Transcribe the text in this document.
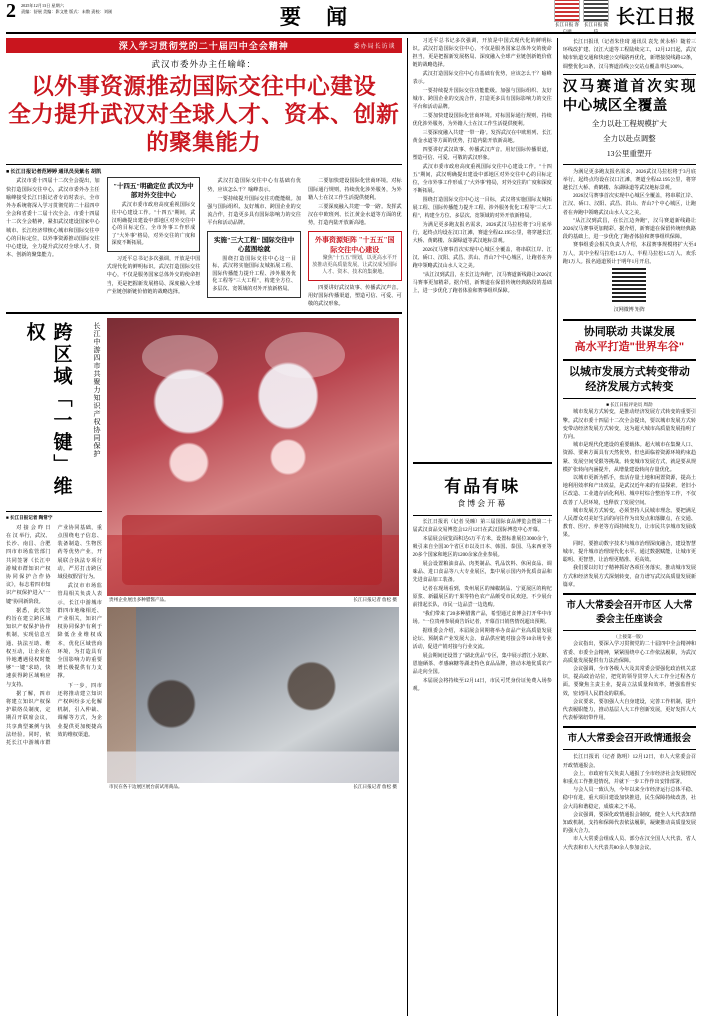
2 2025年12月13日 星期六
责编：舒展 美编：影文胜 版式：未散 责校：刘刚	要 闻	长江日报 客户端
长江日报 微信
长江日报
深入学习贯彻党的二十届四中全会精神	委办局长访谈
武汉市委外办主任喻峰：
以外事资源推动国际交往中心建设
全力提升武汉对全球人才、资本、创新的聚集能力
■ 长江日报记者范婷婷 通讯员吴紫名 胡凯

武汉市委十四届十二次全会提出，加快打造国际交往中心，武汉市委外办主任喻峰接受长江日报记者专访时表示，全市外办系统将深入学习贯彻党的二十届四中全会和省委十二届十次全会、市委十四届十二次全会精神，紧扣武汉建设国家中心城市、长江经济带核心城市和国际交往中心的目标定位，以外事资源推动国际交往中心建设，全力提升武汉对全球人才、资本、创新的聚集能力。

"十四五"明确定位 武汉为中部对外交往中心

武汉市委市政府高度重视国际交往中心建设工作。"十四五"期间，武汉明确提出建设中部地区对外交往中心的目标定位，全市外事工作形成了"大外事"格局，对外交往的广度和深度不断拓展。

习近平总书记多次强调，开放是中国式现代化的鲜明标识。武汉打造国际交往中心，不仅是服务国家总体外交的使命担当，更是把握新发展格局、深度融入全球产业链创新链价值链的战略选择。

武汉打造国际交往中心有基础有优势，应该怎么干？喻峰表示。

一要持续提升国际交往功能能级。加强与国际组织、友好城市、跨国企业的交流合作，打造更多具有国际影响力的交往平台和活动品牌。

实施"三大工程" 国际交往中心蓝图绘就

围绕打造国际交往中心这一目标，武汉将实施国际友城拓展工程、国际传播能力提升工程、涉外服务优化工程等"三大工程"，构建全方位、多层次、宽领域的对外开放新格局。

二要加快建设国际化营商环境。对标国际通行规则，持续优化涉外服务，为外籍人士在汉工作生活提供便利。

三要深度融入共建'一带一路'。发挥武汉在中欧班列、长江黄金水道等方面的优势，打造内陆开放新高地。

外事资源矩阵 "十五五"国际交往中心建设

聚焦"十五五"规划，以更高水平开放推动更高质量发展，让武汉成为国际人才、资本、技术的集聚地。

四要讲好武汉故事、传播武汉声音。用好国际传播渠道，塑造可信、可爱、可敬的武汉形象。

跨区域「一键」维权	长江中游四市共聚力知识产权协同保护
■ 长江日报记者 陶常宁

对 接 会 昨 日 在 汉 举行，武汉、长沙、南昌、合肥四市市场监管部门共同签署《长江中游城市群知识产权协同保护合作协议》，标志着四市知识产权保护进入"一键"协同新阶段。

据悉，此次签约旨在建立跨区域知识产权保护协作机制，实现信息互通、执法互助、维权互动，让企业在异地遭遇侵权时能够"一键"求助，快速获得跨区域响应与支持。

据了解，四市将建立知识产权保护联络员制度，定期召开联席会议，共享典型案例与执法经验。同时，依托长江中游城市群产业协同基础，重点围绕电子信息、装备制造、生物医药等优势产业，开展联合执法专项行动，严厉打击跨区域侵权假冒行为。

武汉市市场监管局相关负责人表示，长江中游城市群四市地缘相近、产业相关，知识产权协同保护有利于降低企业维权成本，优化区域营商环境，为打造具有全国影响力的重要增长极提供有力支撑。

下一步，四市还将推动建立知识产权纠纷多元化解机制，引入仲裁、调解等方式，为企业提供更加便捷高效的维权渠道。

贵州企业展出多种腊酱产品。	长江日报记者 詹松 摄
市民在各干边展区展台前试用商品。	长江日报记者 詹松 摄

习近平总书记多次强调，开放是中国式现代化的鲜明标识。武汉打造国际交往中心，不仅是服务国家总体外交的使命担当，更是把握新发展格局、深度融入全球产业链创新链价值链的战略选择。

武汉打造国际交往中心有基础有优势，应该怎么干？喻峰表示。

一要持续提升国际交往功能能级。加强与国际组织、友好城市、跨国企业的交流合作，打造更多具有国际影响力的交往平台和活动品牌。

二要加快建设国际化营商环境。对标国际通行规则，持续优化涉外服务，为外籍人士在汉工作生活提供便利。

三要深度融入共建'一带一路'。发挥武汉在中欧班列、长江黄金水道等方面的优势，打造内陆开放新高地。

四要讲好武汉故事、传播武汉声音。用好国际传播渠道，塑造可信、可爱、可敬的武汉形象。

武汉市委市政府高度重视国际交往中心建设工作。"十四五"期间，武汉明确提出建设中部地区对外交往中心的目标定位，全市外事工作形成了"大外事"格局，对外交往的广度和深度不断拓展。

围绕打造国际交往中心这一目标，武汉将实施国际友城拓展工程、国际传播能力提升工程、涉外服务优化工程等"三大工程"，构建全方位、多层次、宽领域的对外开放新格局。

为满足更多跑友报名需求，2026武汉马拉松将于3月底举行，起终点均设在汉口江滩，赛道全程42.195公里，将穿越长江大桥、黄鹤楼、东湖绿道等武汉地标景观。

2026汉马赛事首次实现中心城区全覆盖，将串联江岸、江汉、硚口、汉阳、武昌、洪山、青山7个中心城区，让跑者在奔跑中领略武汉山水人文之美。

"从江汉到武昌，在长江边奔跑"，汉马赛道新线路让2026汉马赛事更加精彩。据介绍，新赛道在保留传统经典路段的基础上，进一步优化了跑者体验和赛事组织保障。

有品有味
食博会开幕

长江日报讯（记者 吴曈）第三届国际食品博览会暨第二十届武汉食品交易博览会12月12日在武汉国际博览中心开幕。

本届展会展览面积达6万平方米，设置标准展位3000余个，吸引来自全国30个省区市以及日本、韩国、泰国、马来西亚等20多个国家和地区的1200余家企业参展。

展会设置粮油食品、肉类制品、乳品饮料、休闲食品、调味品、进口食品等八大专业展区，集中展示国内外优质食品和先进食品加工装备。

记者在现场看到，贵州展区的辣椒制品、宁夏展区的枸杞原浆、新疆展区的干果等特色农产品颇受市民欢迎。不少展台前排起长队，市民一边品尝一边选购。

"我们带来了20多种腊酱产品，希望通过食博会打开华中市场。"一位贵州参展商告诉记者，开幕首日销售情况超出预期。

据组委会介绍，本届展会同期将举办食品产业高质量发展论坛、预制菜产业发展大会、食品供应链对接会等10余场专业活动，促进产销对接与行业交流。

展会期间还设置了"湖北优品"专区，集中展示潜江小龙虾、恩施硒茶、孝感麻糖等湖北特色食品品牌，推动本地优质农产品走向全国。

本届展会将持续至12月14日，市民可凭身份证免费入场参观。

长江日报讯（记者朱佳琦 通讯员 袁先 黄永桥）随着三环线改扩建、汉江大道等工程陆续完工，12月12日起，武汉城市轨道交通和快速公交线路再优化，新增接驳线路12条，调整优化31条，汉马赛道沿线公交站点覆盖率达100%。

汉马赛道首次实现中心城区全覆盖
全力以赴工程规模扩大
全力以赴点调整
13公里重塑开

为满足更多跑友报名需求，2026武汉马拉松将于3月底举行，起终点均设在汉口江滩，赛道全程42.195公里，将穿越长江大桥、黄鹤楼、东湖绿道等武汉地标景观。

2026汉马赛事首次实现中心城区全覆盖，将串联江岸、江汉、硚口、汉阳、武昌、洪山、青山7个中心城区，让跑者在奔跑中领略武汉山水人文之美。

"从江汉到武昌，在长江边奔跑"，汉马赛道新线路让2026汉马赛事更加精彩。据介绍，新赛道在保留传统经典路段的基础上，进一步优化了跑者体验和赛事组织保障。

赛事组委会相关负责人介绍，本届赛事规模将扩大至4万人，其中全程马拉松1.5万人、半程马拉松1.5万人、欢乐跑1万人。报名通道预计于明年1月开启。

汉网微博 矩阵
协同联动 共谋发展
高水平打造"世界车谷"
以城市发展方式转变带动 经济发展方式转变
■ 长江日报评论员 周劼

城市发展方式转变，是推动经济发展方式转变的重要引擎。武汉市委十四届十二次全会提出，要以城市发展方式转变带动经济发展方式转变，这为超大城市高质量发展指明了方向。

城市是现代化建设的重要载体。超大城市在集聚人口、资源、要素方面具有天然优势，但也面临着资源环境约束趋紧、发展空间受限等挑战。转变城市发展方式，就是要从规模扩张转向内涵提升，从增量建设转向存量优化。

以城市更新为抓手，盘活存量土地和闲置资源，提高土地利用效率和产出效益，是武汉近年来的有益探索。老旧小区改造、工业遗存活化利用、城中村综合整治等工作，不仅改善了人居环境，也释放了发展空间。

城市发展方式转变，必须坚持人民城市理念。要把满足人民群众对美好生活的向往作为出发点和落脚点，在交通、教育、医疗、养老等方面持续发力，让市民共享城市发展成果。

同时，要推动数字技术与城市治理深度融合，建设智慧城市，提升城市治理现代化水平。通过数据赋能，让城市更聪明、更智慧，让治理更精准、更高效。

我们要以钉钉子精神抓好各项任务落实，推动城市发展方式和经济发展方式深刻转变，奋力谱写武汉高质量发展新篇章。

市人大常委会召开市区 人大常委会主任座谈会
（上接第一版）

会议指出，要深入学习贯彻党的二十届四中全会精神和省委、市委全会精神，紧紧围绕中心工作依法履职，为武汉高质量发展提供有力法治保障。

会议强调，全市各级人大及其常委会要强化政治机关意识，提高政治站位，把党的领导贯穿人大工作全过程各方面。要聚焦主责主业，提高立法质量和效率，增强监督实效，密切同人民群众的联系。

会议要求，要加强人大自身建设，完善工作机制，提升代表履职能力，推动基层人大工作创新发展，更好发挥人大代表桥梁纽带作用。

市人大常委会召开政情通报会

长江日报讯（记者 陈明）12月12日，市人大常委会召开政情通报会。

会上，市政府有关负责人通报了全市经济社会发展情况和重点工作推进情况，并就下一步工作作出安排部署。

与会人员一致认为，今年以来全市经济运行总体平稳、稳中有进，重大项目建设加快推进，民生保障持续改善，社会大局和谐稳定，成绩来之不易。

会议强调，要深化政情通报会制度，健全人大代表知情知政机制，支持和保障代表依法履职，凝聚推动高质量发展的强大合力。

市人大常委会组成人员、部分在汉全国人大代表、省人大代表和市人大代表共80余人参加会议。
